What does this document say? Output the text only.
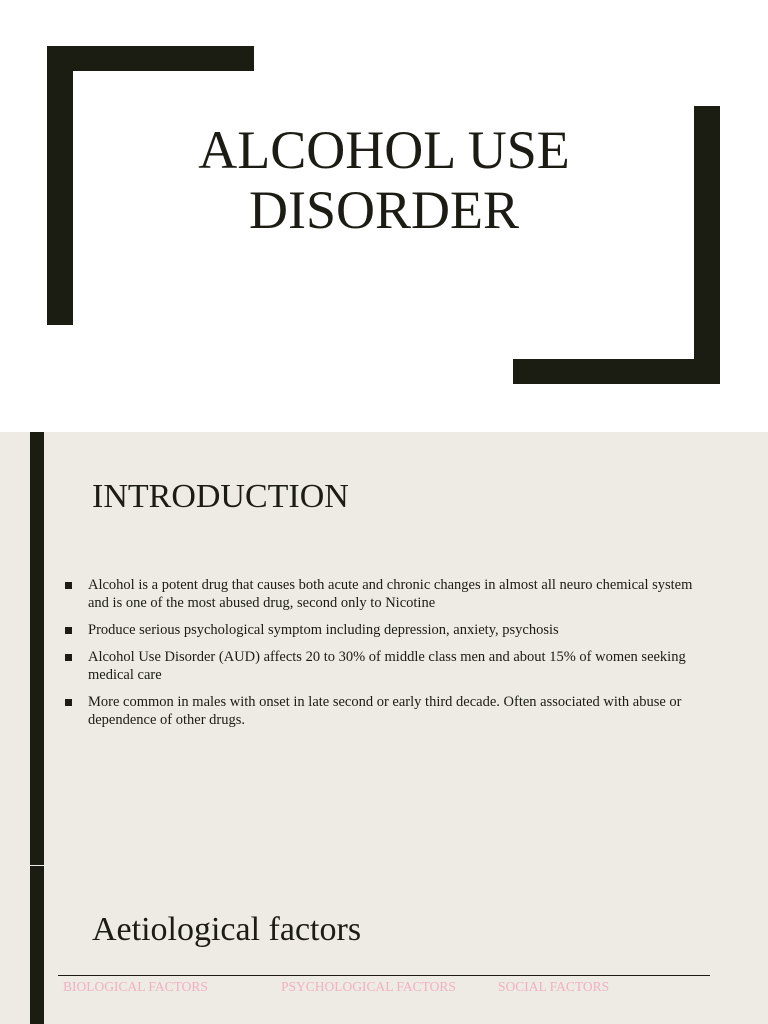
ALCOHOL USE
DISORDER
INTRODUCTION
Alcohol is a potent drug that causes both acute and chronic changes in almost all neuro chemical system and is one of the most abused drug, second only to Nicotine
Produce serious psychological symptom including depression, anxiety, psychosis
Alcohol Use Disorder (AUD) affects 20 to 30% of middle class men and about 15% of women seeking medical care
More common in males with onset in late second or early third decade. Often associated with abuse or dependence of other drugs.
Aetiological factors
BIOLOGICAL FACTORS	PSYCHOLOGICAL FACTORS	SOCIAL FACTORS
